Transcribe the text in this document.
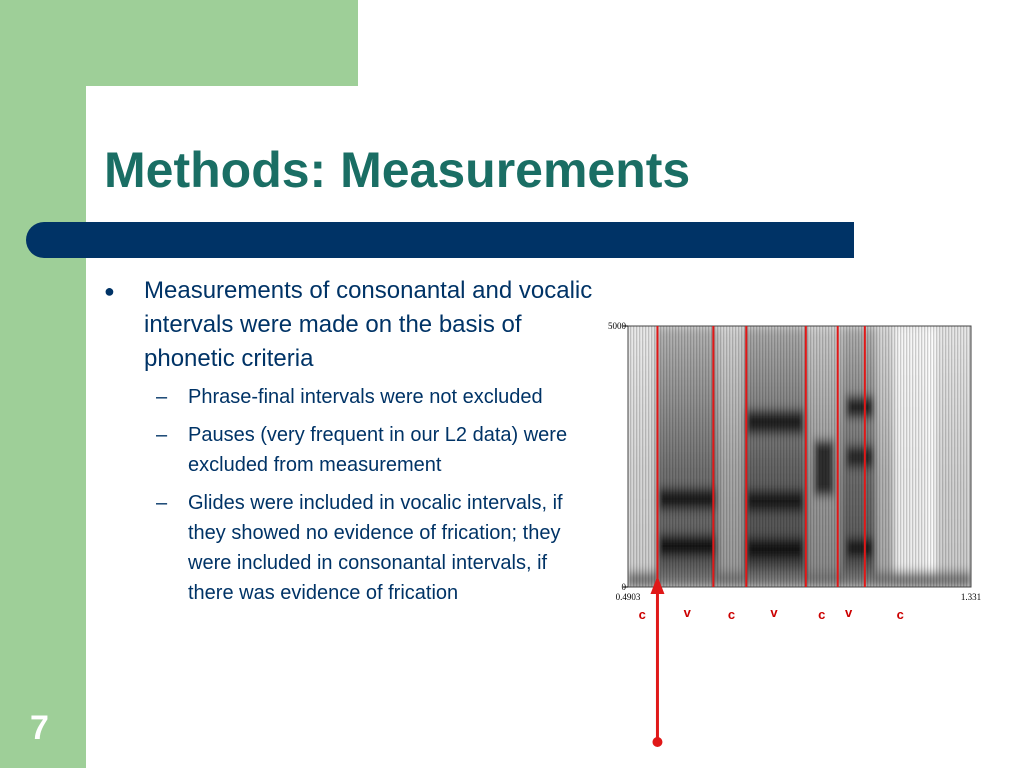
Methods: Measurements

● Measurements of consonantal and vocalic intervals were made on the basis of phonetic criteria

– Phrase-final intervals were not excluded
– Pauses (very frequent in our L2 data) were excluded from measurement
– Glides were included in vocalic intervals, if they showed no evidence of frication; they were included in consonantal intervals, if there was evidence of frication
5000
0
0.4903	1.331
c	v	c	v	c v	c

7
